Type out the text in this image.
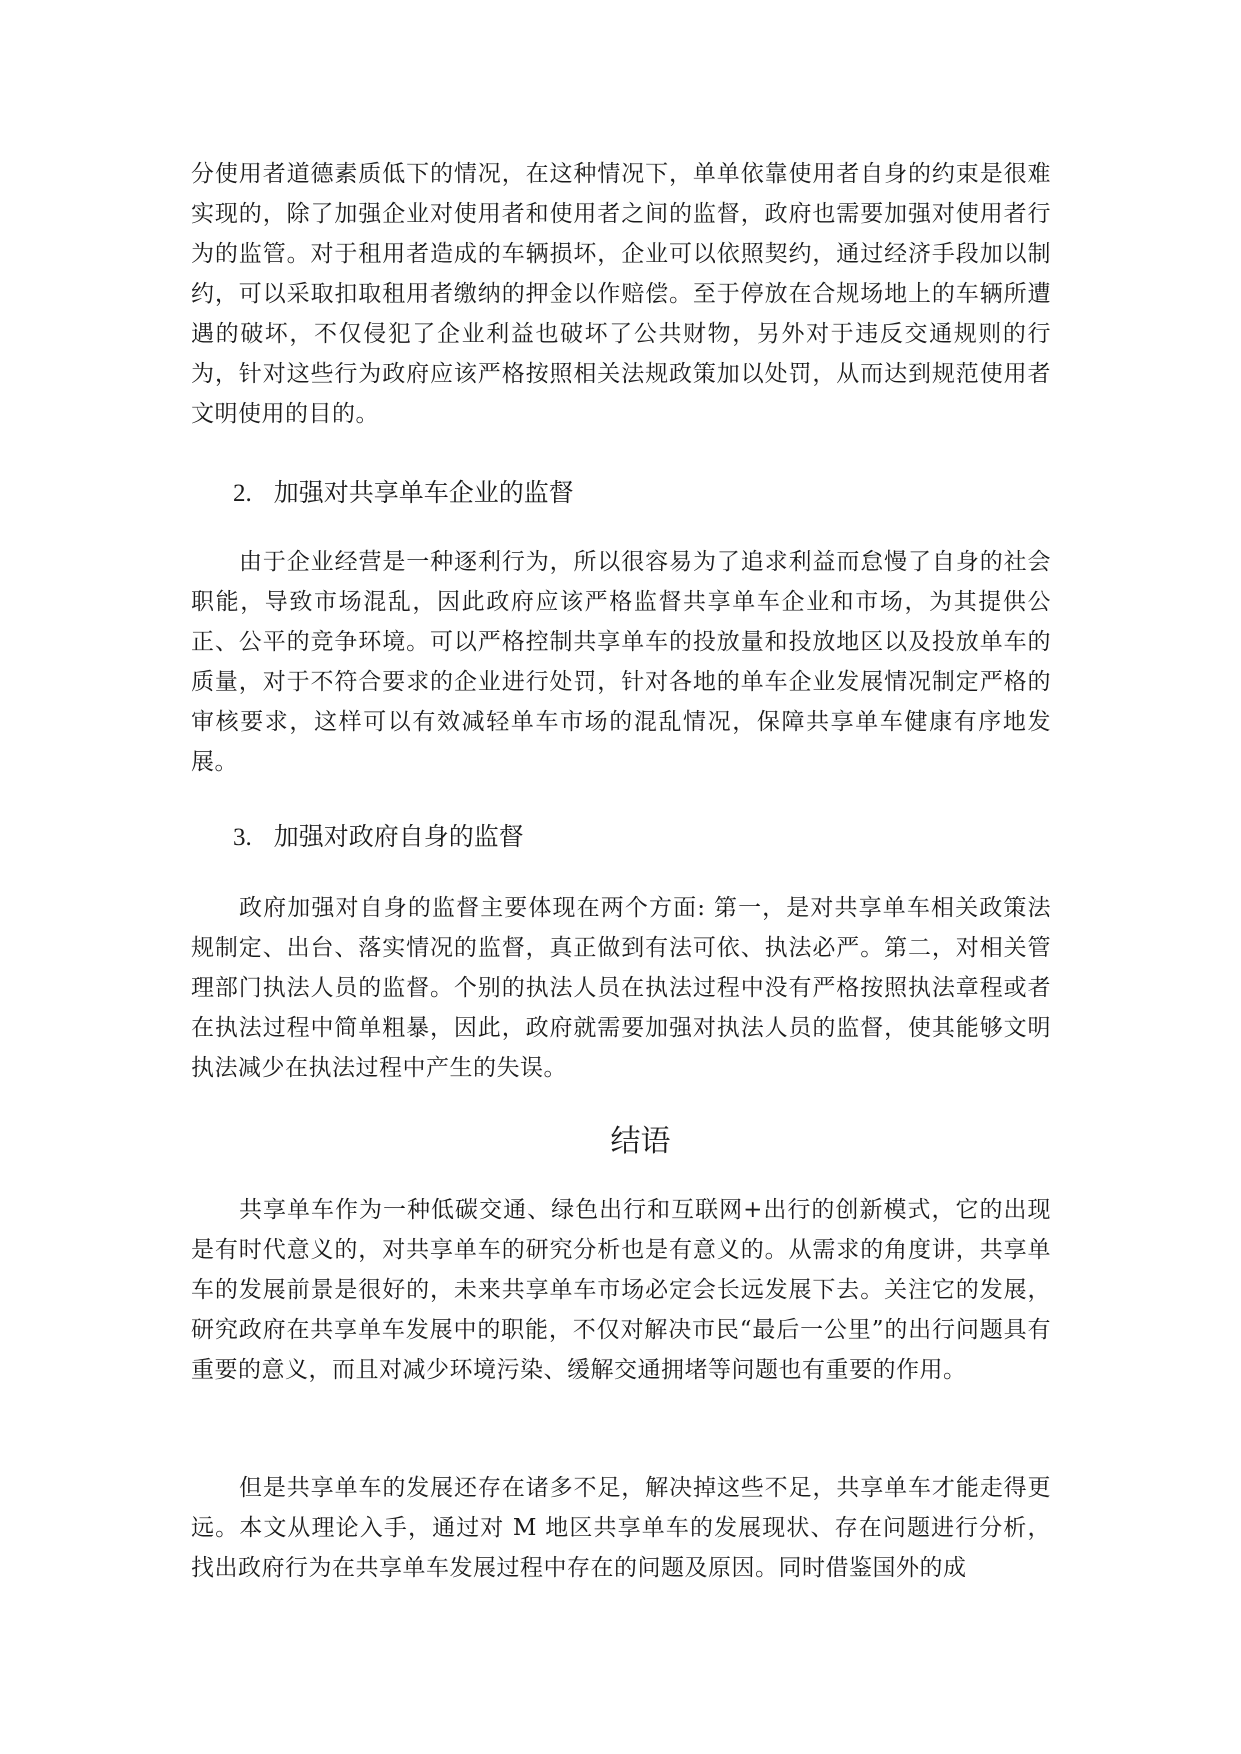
分使用者道德素质低下的情况，在这种情况下，单单依靠使用者自身的约束是很难实现的，除了加强企业对使用者和使用者之间的监督，政府也需要加强对使用者行为的监管。对于租用者造成的车辆损坏，企业可以依照契约，通过经济手段加以制约，可以采取扣取租用者缴纳的押金以作赔偿。至于停放在合规场地上的车辆所遭遇的破坏，不仅侵犯了企业利益也破坏了公共财物，另外对于违反交通规则的行为，针对这些行为政府应该严格按照相关法规政策加以处罚，从而达到规范使用者文明使用的目的。

2. 加强对共享单车企业的监督

由于企业经营是一种逐利行为，所以很容易为了追求利益而怠慢了自身的社会职能，导致市场混乱，因此政府应该严格监督共享单车企业和市场，为其提供公正、公平的竞争环境。可以严格控制共享单车的投放量和投放地区以及投放单车的质量，对于不符合要求的企业进行处罚，针对各地的单车企业发展情况制定严格的审核要求，这样可以有效减轻单车市场的混乱情况，保障共享单车健康有序地发展。

3. 加强对政府自身的监督

政府加强对自身的监督主要体现在两个方面: 第一，是对共享单车相关政策法规制定、出台、落实情况的监督，真正做到有法可依、执法必严。第二，对相关管理部门执法人员的监督。个别的执法人员在执法过程中没有严格按照执法章程或者在执法过程中简单粗暴，因此，政府就需要加强对执法人员的监督，使其能够文明执法减少在执法过程中产生的失误。

结语

共享单车作为一种低碳交通、绿色出行和互联网+出行的创新模式，它的出现是有时代意义的，对共享单车的研究分析也是有意义的。从需求的角度讲，共享单车的发展前景是很好的，未来共享单车市场必定会长远发展下去。关注它的发展，研究政府在共享单车发展中的职能，不仅对解决市民“最后一公里”的出行问题具有重要的意义，而且对减少环境污染、缓解交通拥堵等问题也有重要的作用。

但是共享单车的发展还存在诸多不足，解决掉这些不足，共享单车才能走得更远。本文从理论入手，通过对 M 地区共享单车的发展现状、存在问题进行分析，找出政府行为在共享单车发展过程中存在的问题及原因。同时借鉴国外的成
